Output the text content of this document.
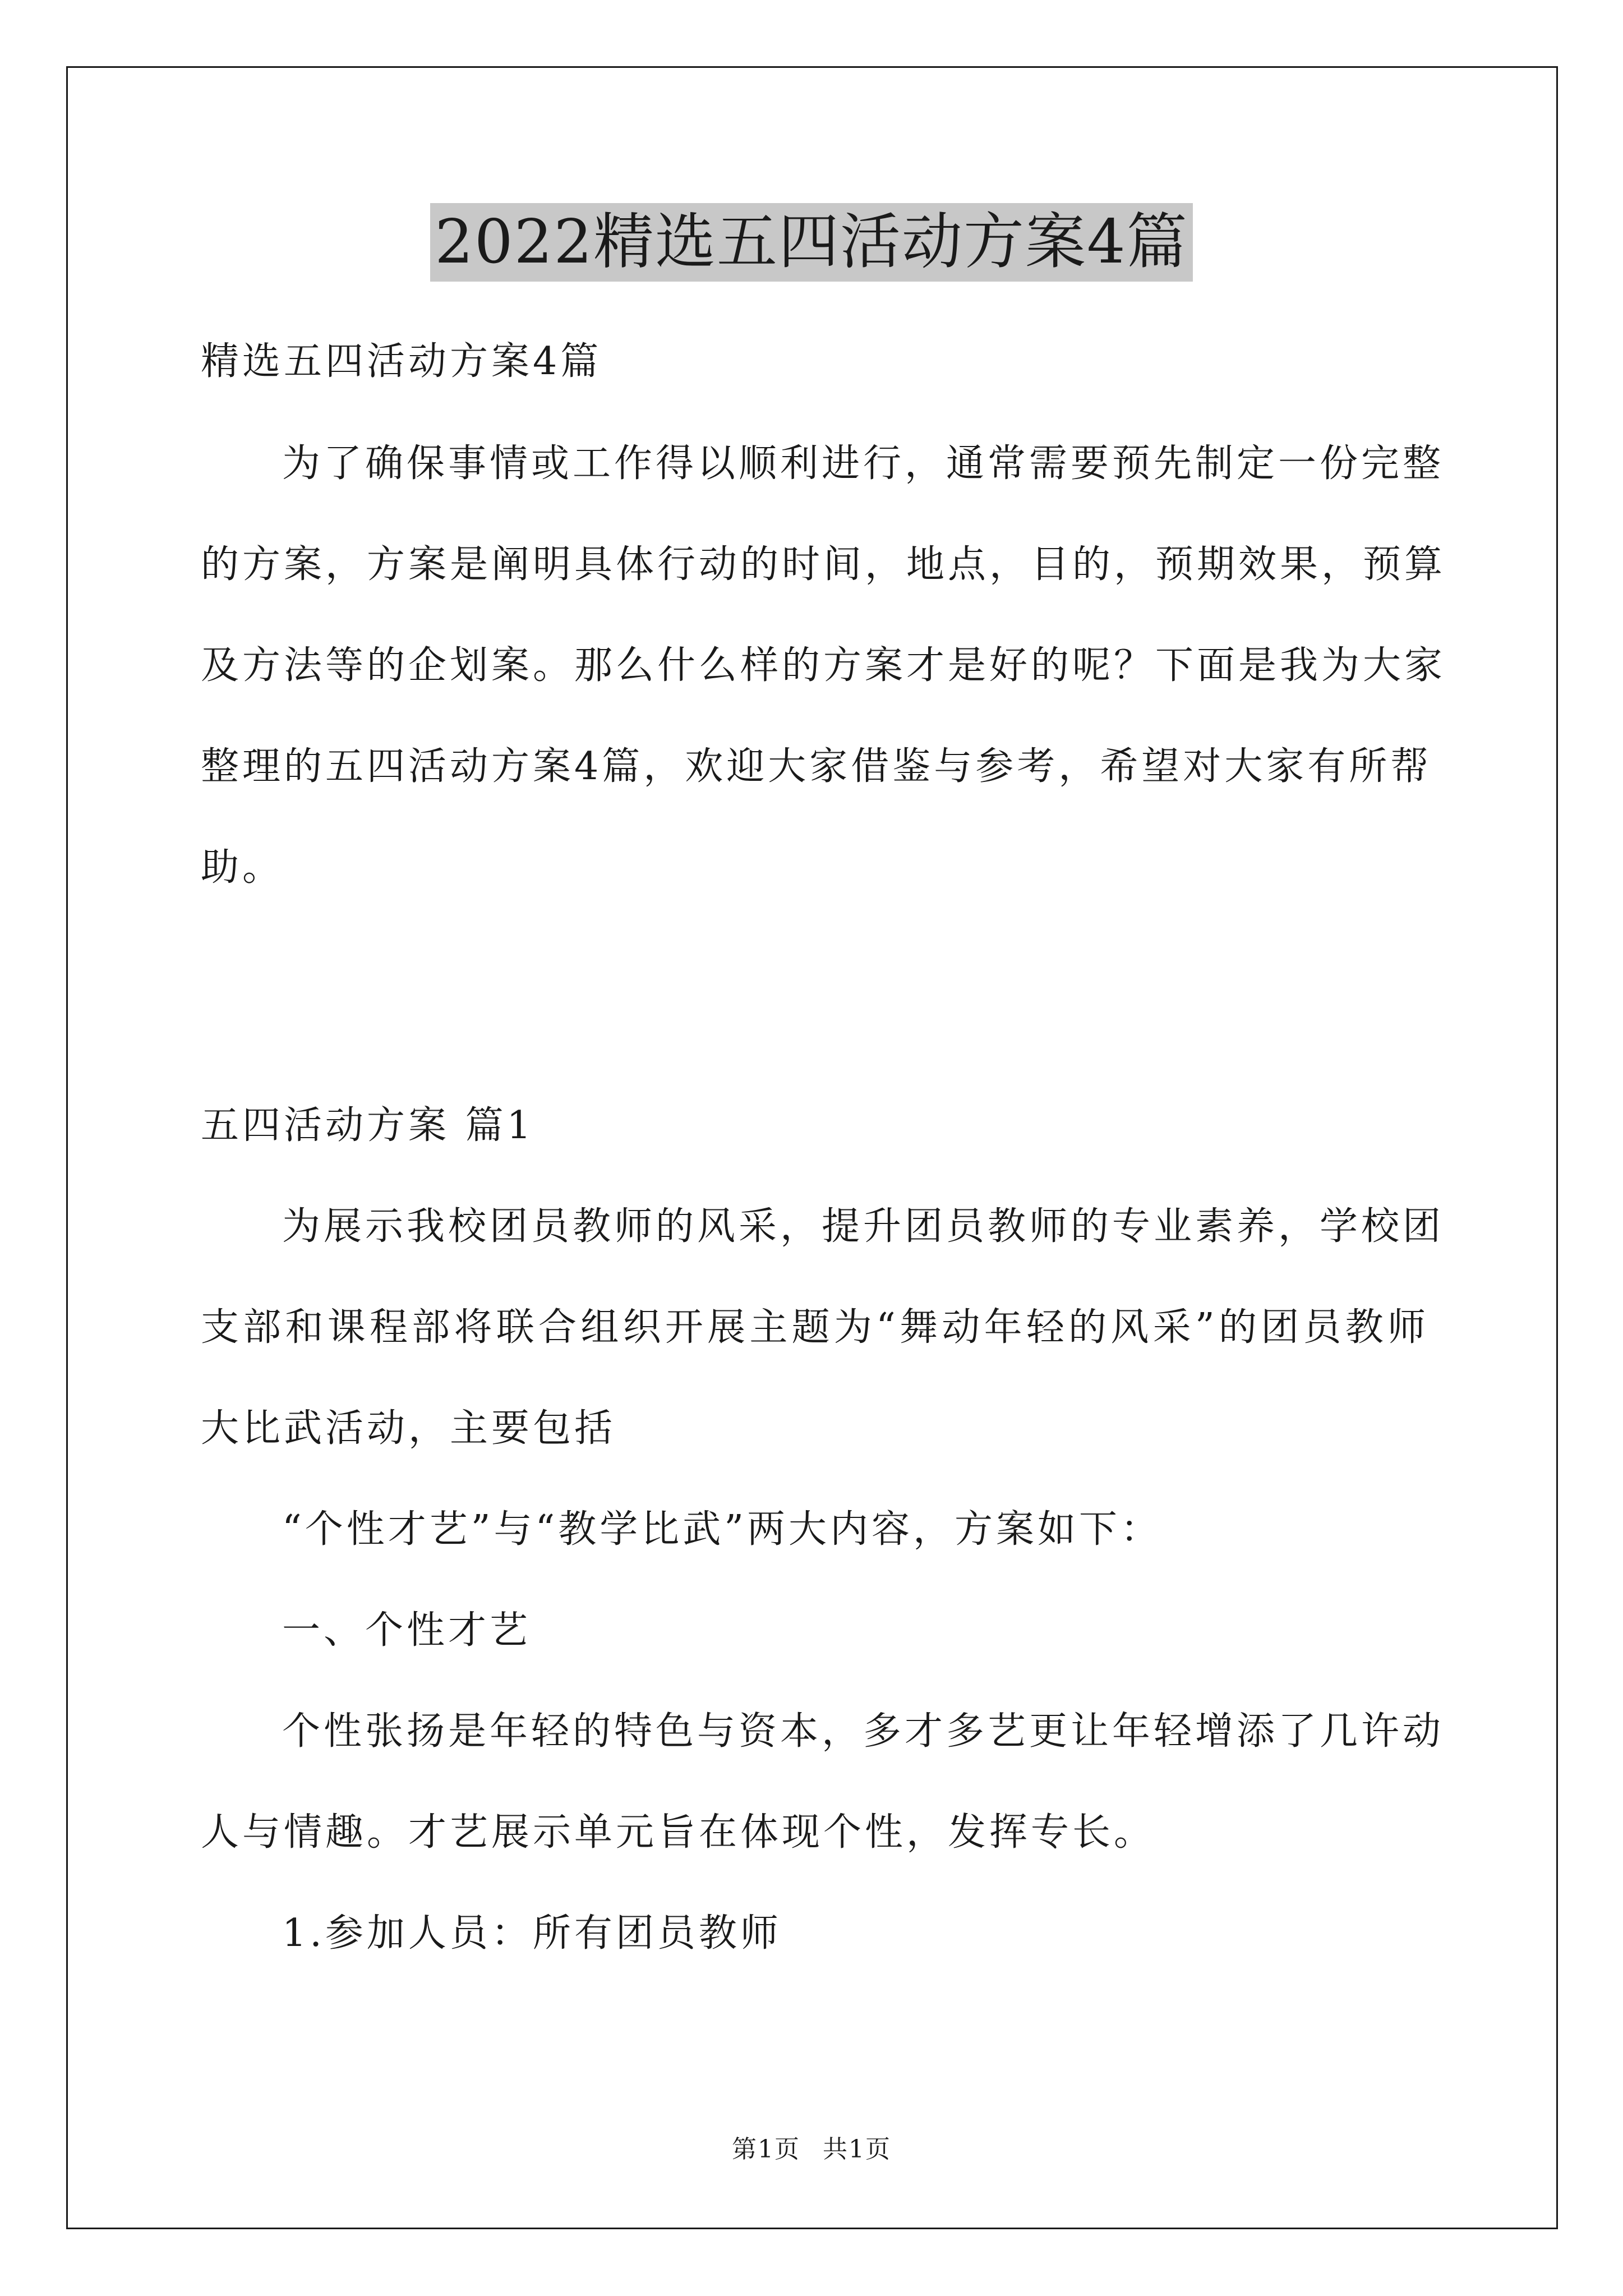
2022精选五四活动方案4篇
精选五四活动方案4篇
为了确保事情或工作得以顺利进行，通常需要预先制定一份完整
的方案，方案是阐明具体行动的时间，地点，目的，预期效果，预算
及方法等的企划案。那么什么样的方案才是好的呢？下面是我为大家
整理的五四活动方案4篇，欢迎大家借鉴与参考，希望对大家有所帮
助。
五四活动方案 篇1
为展示我校团员教师的风采，提升团员教师的专业素养，学校团
支部和课程部将联合组织开展主题为“舞动年轻的风采”的团员教师
大比武活动，主要包括
“个性才艺”与“教学比武”两大内容，方案如下：
一、个性才艺
个性张扬是年轻的特色与资本，多才多艺更让年轻增添了几许动
人与情趣。才艺展示单元旨在体现个性，发挥专长。
1.参加人员：所有团员教师
第1页 共1页
